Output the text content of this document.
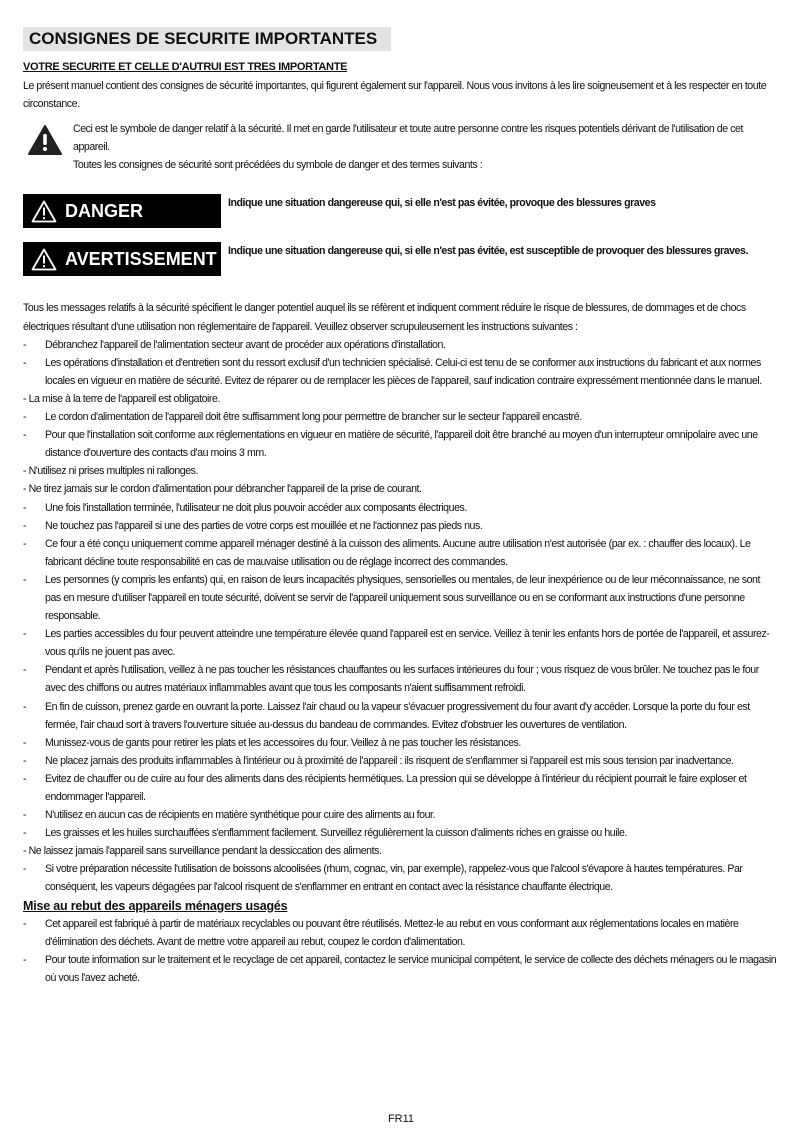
CONSIGNES DE SECURITE IMPORTANTES
VOTRE SECURITE ET CELLE D'AUTRUI EST TRES IMPORTANTE

Le présent manuel contient des consignes de sécurité importantes, qui figurent également sur l'appareil. Nous vous invitons à les lire soigneusement et à les respecter en toute circonstance.

Ceci est le symbole de danger relatif à la sécurité. Il met en garde l'utilisateur et toute autre personne contre les risques potentiels dérivant de l'utilisation de cet appareil.

Toutes les consignes de sécurité sont précédées du symbole de danger et des termes suivants :

DANGER	Indique une situation dangereuse qui, si elle n'est pas évitée, provoque des blessures graves
AVERTISSEMENT Indique une situation dangereuse qui, si elle n'est pas évitée, est susceptible de provoquer des blessures graves.

Tous les messages relatifs à la sécurité spécifient le danger potentiel auquel ils se réfèrent et indiquent comment réduire le risque de blessures, de dommages et de chocs électriques résultant d'une utilisation non réglementaire de l'appareil. Veuillez observer scrupuleusement les instructions suivantes :

- Débranchez l'appareil de l'alimentation secteur avant de procéder aux opérations d'installation.
- Les opérations d'installation et d'entretien sont du ressort exclusif d'un technicien spécialisé. Celui-ci est tenu de se conformer aux instructions du fabricant et aux normes locales en vigueur en matière de sécurité. Evitez de réparer ou de remplacer les pièces de l'appareil, sauf indication contraire expressément mentionnée dans le manuel.
- La mise à la terre de l'appareil est obligatoire.
- Le cordon d'alimentation de l'appareil doit être suffisamment long pour permettre de brancher sur le secteur l'appareil encastré.
- Pour que l'installation soit conforme aux réglementations en vigueur en matière de sécurité, l'appareil doit être branché au moyen d'un interrupteur omnipolaire avec une distance d'ouverture des contacts d'au moins 3 mm.
- N'utilisez ni prises multiples ni rallonges.
- Ne tirez jamais sur le cordon d'alimentation pour débrancher l'appareil de la prise de courant.
- Une fois l'installation terminée, l'utilisateur ne doit plus pouvoir accéder aux composants électriques.
- Ne touchez pas l'appareil si une des parties de votre corps est mouillée et ne l'actionnez pas pieds nus.
- Ce four a été conçu uniquement comme appareil ménager destiné à la cuisson des aliments. Aucune autre utilisation n'est autorisée (par ex. : chauffer des locaux). Le fabricant décline toute responsabilité en cas de mauvaise utilisation ou de réglage incorrect des commandes.
- Les personnes (y compris les enfants) qui, en raison de leurs incapacités physiques, sensorielles ou mentales, de leur inexpérience ou de leur méconnaissance, ne sont pas en mesure d'utiliser l'appareil en toute sécurité, doivent se servir de l'appareil uniquement sous surveillance ou en se conformant aux instructions d'une personne responsable.
- Les parties accessibles du four peuvent atteindre une température élevée quand l'appareil est en service. Veillez à tenir les enfants hors de portée de l'appareil, et assurez-vous qu'ils ne jouent pas avec.
- Pendant et après l'utilisation, veillez à ne pas toucher les résistances chauffantes ou les surfaces intérieures du four ; vous risquez de vous brûler. Ne touchez pas le four avec des chiffons ou autres matériaux inflammables avant que tous les composants n'aient suffisamment refroidi.
- En fin de cuisson, prenez garde en ouvrant la porte. Laissez l'air chaud ou la vapeur s'évacuer progressivement du four avant d'y accéder. Lorsque la porte du four est fermée, l'air chaud sort à travers l'ouverture située au-dessus du bandeau de commandes. Evitez d'obstruer les ouvertures de ventilation.
- Munissez-vous de gants pour retirer les plats et les accessoires du four. Veillez à ne pas toucher les résistances.
- Ne placez jamais des produits inflammables à l'intérieur ou à proximité de l'appareil : ils risquent de s'enflammer si l'appareil est mis sous tension par inadvertance.
- Evitez de chauffer ou de cuire au four des aliments dans des récipients hermétiques. La pression qui se développe à l'intérieur du récipient pourrait le faire exploser et endommager l'appareil.
- N'utilisez en aucun cas de récipients en matière synthétique pour cuire des aliments au four.
- Les graisses et les huiles surchauffées s'enflamment facilement. Surveillez régulièrement la cuisson d'aliments riches en graisse ou huile.
- Ne laissez jamais l'appareil sans surveillance pendant la dessiccation des aliments.
- Si votre préparation nécessite l'utilisation de boissons alcoolisées (rhum, cognac, vin, par exemple), rappelez-vous que l'alcool s'évapore à hautes températures. Par conséquent, les vapeurs dégagées par l'alcool risquent de s'enflammer en entrant en contact avec la résistance chauffante électrique.
Mise au rebut des appareils ménagers usagés
- Cet appareil est fabriqué à partir de matériaux recyclables ou pouvant être réutilisés. Mettez-le au rebut en vous conformant aux réglementations locales en matière d'élimination des déchets. Avant de mettre votre appareil au rebut, coupez le cordon d'alimentation.
- Pour toute information sur le traitement et le recyclage de cet appareil, contactez le service municipal compétent, le service de collecte des déchets ménagers ou le magasin où vous l'avez acheté.
FR11
